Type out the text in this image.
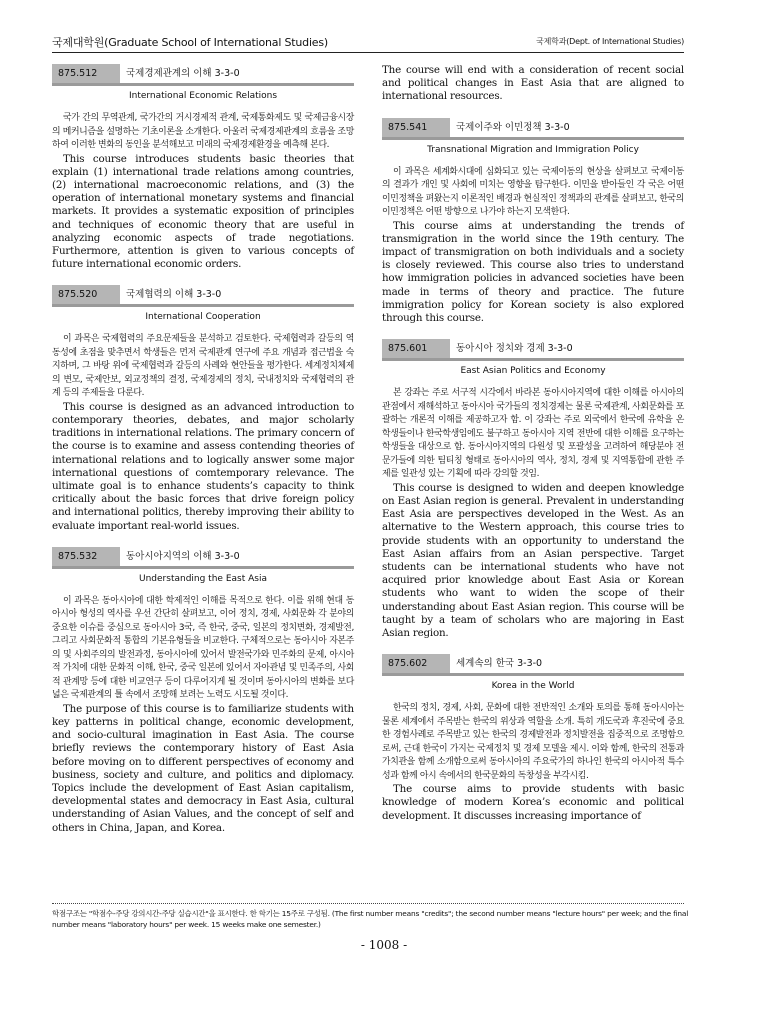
국제대학원(Graduate School of International Studies)	국제학과(Dept. of International Studies)
875.512	국제경제관계의 이해 3-3-0
International Economic Relations

국가 간의 무역관계, 국가간의 거시경제적 관계, 국제통화제도 및 국제금융시장의 메커니즘을 설명하는 기초이론을 소개한다. 아울러 국제경제관계의 흐름을 조망하여 이러한 변화의 동인을 분석해보고 미래의 국제경제환경을 예측해 본다.

This course introduces students basic theories that explain (1) international trade relations among countries, (2) international macroeconomic relations, and (3) the operation of international monetary systems and financial markets. It provides a systematic exposition of principles and techniques of economic theory that are useful in analyzing economic aspects of trade negotiations. Furthermore, attention is given to various concepts of future international economic orders.

875.520	국제협력의 이해 3-3-0
International Cooperation

이 과목은 국제협력의 주요문제들을 분석하고 검토한다. 국제협력과 갈등의 역동성에 초점을 맞추면서 학생들은 먼저 국제관계 연구에 주요 개념과 접근법을 숙지하며, 그 바탕 위에 국제협력과 갈등의 사례와 현안들을 평가한다. 세계정치체제의 변모, 국제안보, 외교정책의 결정, 국제경제의 정치, 국내정치와 국제협력의 관계 등의 주제들을 다룬다.

This course is designed as an advanced introduction to contemporary theories, debates, and major scholarly traditions in international relations. The primary concern of the course is to examine and assess contending theories of international relations and to logically answer some major international questions of comtemporary relevance. The ultimate goal is to enhance students’s capacity to think critically about the basic forces that drive foreign policy and international politics, thereby improving their ability to evaluate important real-world issues.

875.532	동아시아지역의 이해 3-3-0
Understanding the East Asia

이 과목은 동아시아에 대한 학제적인 이해를 목적으로 한다. 이를 위해 현대 동아시아 형성의 역사를 우선 간단히 살펴보고, 이어 정치, 경제, 사회문화 각 분야의 중요한 이슈를 중심으로 동아시아 3국, 즉 한국, 중국, 일본의 정치변화, 경제발전, 그리고 사회문화적 통합의 기본유형들을 비교한다. 구체적으로는 동아시아 자본주의 및 사회주의의 발전과정, 동아시아에 있어서 발전국가와 민주화의 문제, 아시아적 가치에 대한 문화적 이해, 한국, 중국 일본에 있어서 자아관념 및 민족주의, 사회적 관계망 등에 대한 비교연구 등이 다루어지게 될 것이며 동아시아의 변화를 보다 넓은 국제관계의 틀 속에서 조망해 보려는 노력도 시도될 것이다.

The purpose of this course is to familiarize students with key patterns in political change, economic development, and socio-cultural imagination in East Asia. The course briefly reviews the contemporary history of East Asia before moving on to different perspectives of economy and business, society and culture, and politics and diplomacy. Topics include the development of East Asian capitalism, developmental states and democracy in East Asia, cultural understanding of Asian Values, and the concept of self and others in China, Japan, and Korea.

The course will end with a consideration of recent social and political changes in East Asia that are aligned to international resources.

875.541	국제이주와 이민정책 3-3-0
Transnational Migration and Immigration Policy

이 과목은 세계화시대에 심화되고 있는 국제이동의 현상을 살펴보고 국제이동의 결과가 개인 및 사회에 미치는 영향을 탐구한다. 이민을 받아들인 각 국은 어떤 이민정책을 펴왔는지 이론적인 배경과 현실적인 정책과의 관계를 살펴보고, 한국의 이민정책은 어떤 방향으로 나가야 하는지 모색한다.

This course aims at understanding the trends of transmigration in the world since the 19th century. The impact of transmigration on both individuals and a society is closely reviewed. This course also tries to understand how immigration policies in advanced societies have been made in terms of theory and practice. The future immigration policy for Korean society is also explored through this course.

875.601	동아시아 정치와 경제 3-3-0
East Asian Politics and Economy

본 강좌는 주로 서구적 시각에서 바라본 동아시아지역에 대한 이해를 아시아의 관점에서 재해석하고 동아시아 국가들의 정치경제는 물론 국제관계, 사회문화를 포괄하는 개론적 이해를 제공하고자 함. 이 강좌는 주로 외국에서 한국에 유학을 온 학생들이나 한국학생임에도 불구하고 동아시아 지역 전반에 대한 이해를 요구하는 학생들을 대상으로 함. 동아시아지역의 다원성 및 포괄성을 고려하여 해당분야 전문가들에 의한 팀티칭 형태로 동아시아의 역사, 정치, 경제 및 지역통합에 관한 주제를 일관성 있는 기획에 따라 강의할 것임.

This course is designed to widen and deepen knowledge on East Asian region is general. Prevalent in understanding East Asia are perspectives developed in the West. As an alternative to the Western approach, this course tries to provide students with an opportunity to understand the East Asian affairs from an Asian perspective. Target students can be international students who have not acquired prior knowledge about East Asia or Korean students who want to widen the scope of their understanding about East Asian region. This course will be taught by a team of scholars who are majoring in East Asian region.

875.602	세계속의 한국 3-3-0
Korea in the World

한국의 정치, 경제, 사회, 문화에 대한 전반적인 소개와 토의를 통해 동아시아는 물론 세계에서 주목받는 한국의 위상과 역할을 소개. 특히 개도국과 후진국에 중요한 경험사례로 주목받고 있는 한국의 경제발전과 정치발전을 집중적으로 조명함으로써, 근대 한국이 가지는 국제정치 및 경제 모델을 제시. 이와 함께, 한국의 전통과 가치관을 함께 소개함으로써 동아시아의 주요국가의 하나인 한국의 아시아적 특수성과 함께 아시 속에서의 한국문화의 독창성을 부각시킴.

The course aims to provide students with basic knowledge of modern Korea’s economic and political development. It discusses increasing importance of

학점구조는 "학점수-주당 강의시간-주당 실습시간"을 표시한다. 한 학기는 15주로 구성됨. (The first number means "credits"; the second number means "lecture hours" per week; and the final number means "laboratory hours" per week. 15 weeks make one semester.)
- 1008 -
